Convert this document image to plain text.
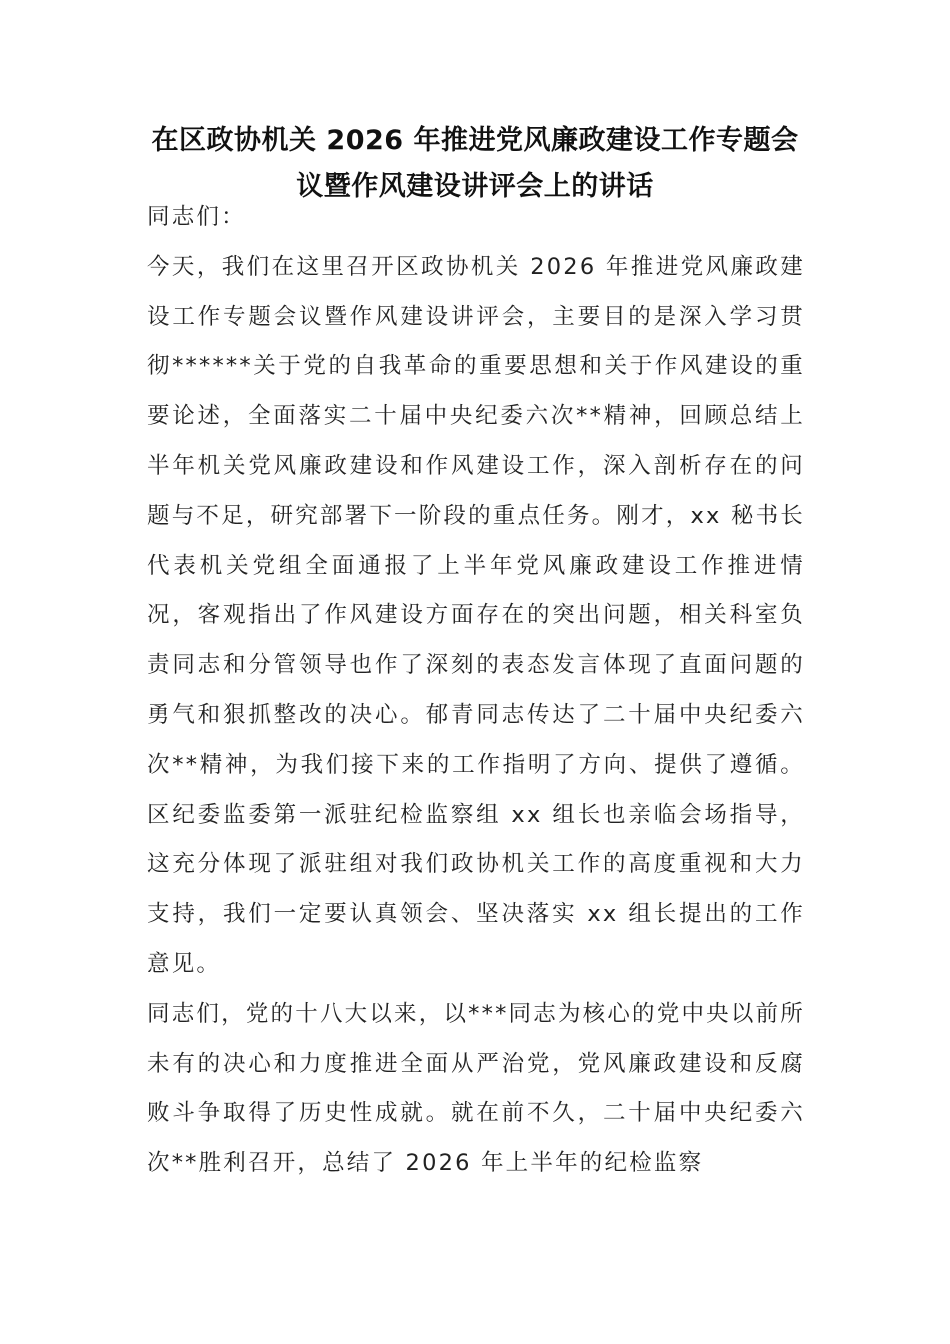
在区政协机关 2026 年推进党风廉政建设工作专题会议暨作风建设讲评会上的讲话

同志们：

今天，我们在这里召开区政协机关 2026 年推进党风廉政建设工作专题会议暨作风建设讲评会，主要目的是深入学习贯彻******关于党的自我革命的重要思想和关于作风建设的重要论述，全面落实二十届中央纪委六次**精神，回顾总结上半年机关党风廉政建设和作风建设工作，深入剖析存在的问题与不足，研究部署下一阶段的重点任务。刚才，xx 秘书长代表机关党组全面通报了上半年党风廉政建设工作推进情况，客观指出了作风建设方面存在的突出问题，相关科室负责同志和分管领导也作了深刻的表态发言体现了直面问题的勇气和狠抓整改的决心。郁青同志传达了二十届中央纪委六次**精神，为我们接下来的工作指明了方向、提供了遵循。区纪委监委第一派驻纪检监察组 xx 组长也亲临会场指导，这充分体现了派驻组对我们政协机关工作的高度重视和大力支持，我们一定要认真领会、坚决落实 xx 组长提出的工作意见。

同志们，党的十八大以来，以***同志为核心的党中央以前所未有的决心和力度推进全面从严治党，党风廉政建设和反腐败斗争取得了历史性成就。就在前不久，二十届中央纪委六次**胜利召开，总结了 2026 年上半年的纪检监察
